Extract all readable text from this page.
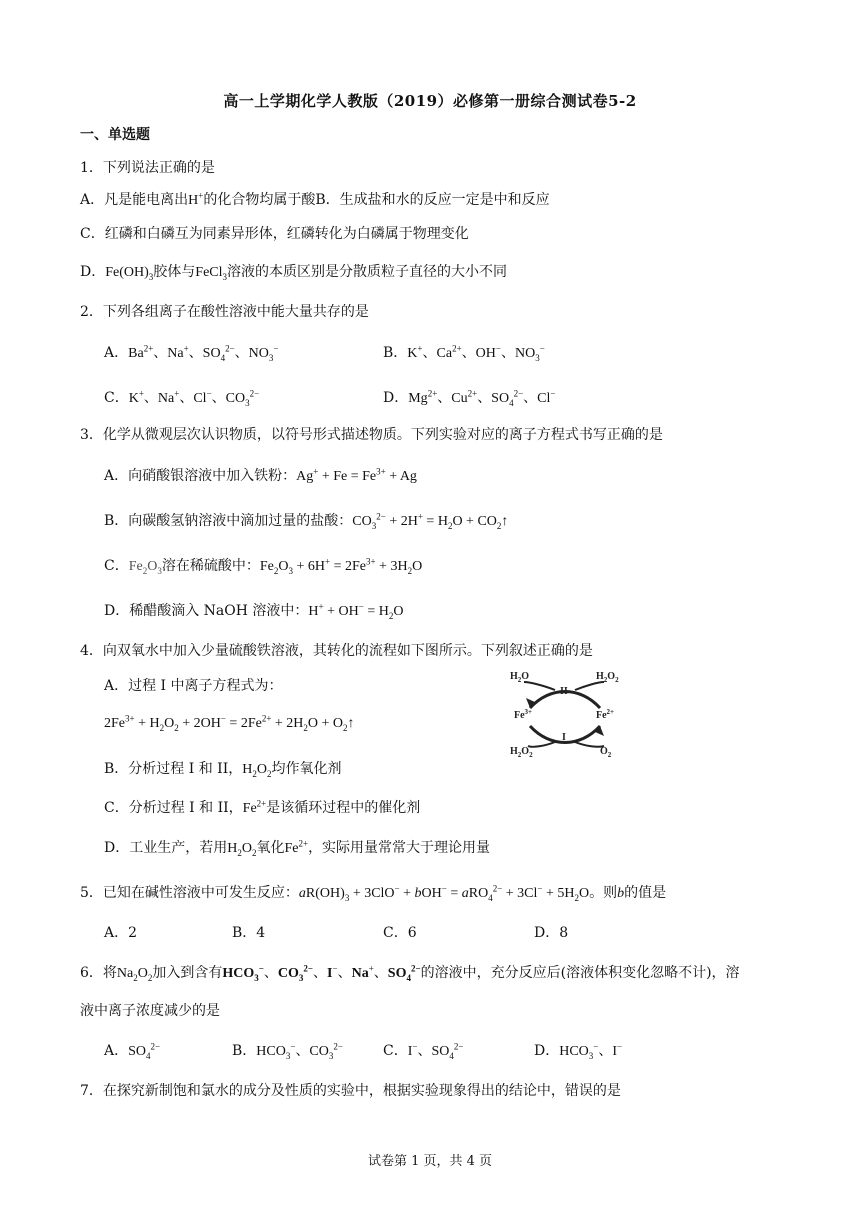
高一上学期化学人教版（2019）必修第一册综合测试卷5-2
一、单选题
1．下列说法正确的是
A．凡是能电离出H+的化合物均属于酸B．生成盐和水的反应一定是中和反应
C．红磷和白磷互为同素异形体，红磷转化为白磷属于物理变化
D．$Fe(OH)_3$胶体与FeCl$_3$溶液的本质区别是分散质粒子直径的大小不同
2．下列各组离子在酸性溶液中能大量共存的是
A．$Ba^{2+}$、Na+、$SO_4^{2-}$、$NO_3^-$	B．K+、$Ca^{2+}$、OH−、$NO_3^-$
C．K+、Na+、Cl−、$CO_3^{2-}$	D．$Mg^{2+}$、$Cu^{2+}$、$SO_4^{2-}$、Cl−
3．化学从微观层次认识物质，以符号形式描述物质。下列实验对应的离子方程式书写正确的是
A．向硝酸银溶液中加入铁粉：$Ag^+ + Fe = Fe^{3+} + Ag$
B．向碳酸氢钠溶液中滴加过量的盐酸：$CO_3^{2-} + 2H^+ = H_2O$ + $CO_2↑$
C．$Fe_2O_3$溶在稀硫酸中：$Fe_2O_3 + 6H^+ = 2Fe^{3+} + 3H_2O$
D．稀醋酸滴入 NaOH 溶液中：$H^+ + OH^- = H_2O$
4．向双氧水中加入少量硫酸铁溶液，其转化的流程如下图所示。下列叙述正确的是
A．过程 I 中离子方程式为：
$2Fe^{3+} + H_2O_2 + 2OH^- = 2Fe^{2+} + 2H_2O$ + $O_2↑$
$H_2O$	$H_2O_2$
II
$Fe^{3+}$	$Fe^{2+}$
I
$H_2O_2$	$O_2$
B．分析过程 I 和 II，$H_2O_2$均作氧化剂
C．分析过程 I 和 II，$Fe^{2+}$是该循环过程中的催化剂
D．工业生产，若用$H_2O_2$氧化$Fe^{2+}$，实际用量常常大于理论用量
5．已知在碱性溶液中可发生反应：$aR(OH)_3 + 3ClO^- + bOH^- = aRO_4^{2-} + 3Cl^- + 5H_2O$。则b的值是
A．2	B．4	C．6	D．8
6．将$Na_2O_2$加入到含有$HCO_3^-$、$CO_3^{2-}$、I−、Na+、$SO_4^{2-}$的溶液中，充分反应后(溶液体积变化忽略不计)，溶
液中离子浓度减少的是
A．$SO_4^{2-}$	B．$HCO_3^-$、$CO_3^{2-}$	C．I−、$SO_4^{2-}$	D．$HCO_3^-$、I−
7．在探究新制饱和氯水的成分及性质的实验中，根据实验现象得出的结论中，错误的是
试卷第 1 页，共 4 页
